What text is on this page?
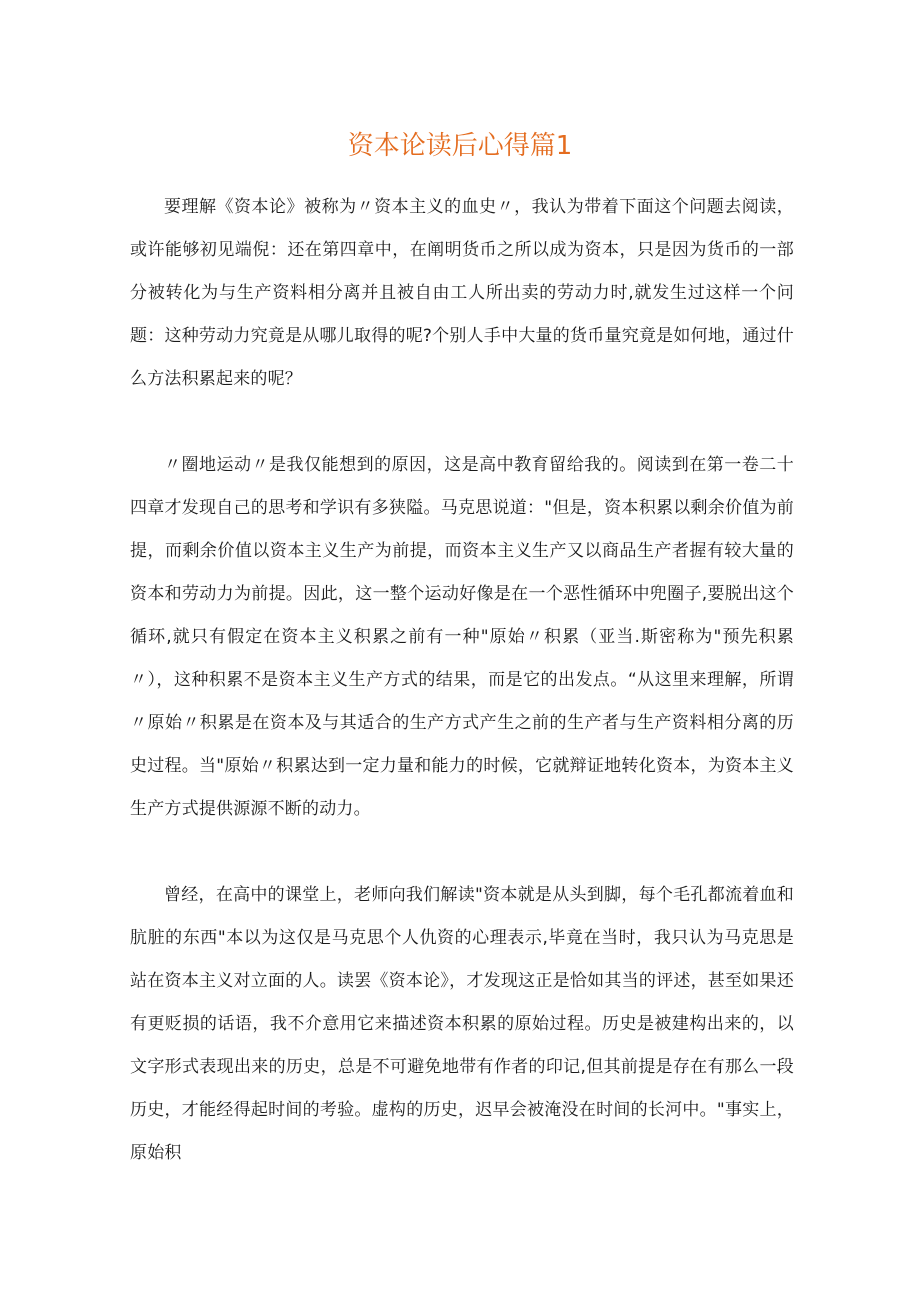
资本论读后心得篇1

要理解《资本论》被称为〃资本主义的血史〃，我认为带着下面这个问题去阅读，或许能够初见端倪：还在第四章中，在阐明货币之所以成为资本，只是因为货币的一部分被转化为与生产资料相分离并且被自由工人所出卖的劳动力时,就发生过这样一个问题：这种劳动力究竟是从哪儿取得的呢?个别人手中大量的货币量究竟是如何地，通过什么方法积累起来的呢？

〃圈地运动〃是我仅能想到的原因，这是高中教育留给我的。阅读到在第一卷二十四章才发现自己的思考和学识有多狭隘。马克思说道："但是，资本积累以剩余价值为前提，而剩余价值以资本主义生产为前提，而资本主义生产又以商品生产者握有较大量的资本和劳动力为前提。因此，这一整个运动好像是在一个恶性循环中兜圈子,要脱出这个循环,就只有假定在资本主义积累之前有一种"原始〃积累（亚当.斯密称为"预先积累〃），这种积累不是资本主义生产方式的结果，而是它的出发点。“从这里来理解，所谓〃原始〃积累是在资本及与其适合的生产方式产生之前的生产者与生产资料相分离的历史过程。当"原始〃积累达到一定力量和能力的时候，它就辩证地转化资本，为资本主义生产方式提供源源不断的动力。

曾经，在高中的课堂上，老师向我们解读"资本就是从头到脚，每个毛孔都流着血和肮脏的东西"本以为这仅是马克思个人仇资的心理表示,毕竟在当时，我只认为马克思是站在资本主义对立面的人。读罢《资本论》，才发现这正是恰如其当的评述，甚至如果还有更贬损的话语，我不介意用它来描述资本积累的原始过程。历史是被建构出来的，以文字形式表现出来的历史，总是不可避免地带有作者的印记,但其前提是存在有那么一段历史，才能经得起时间的考验。虚构的历史，迟早会被淹没在时间的长河中。"事实上，原始积
